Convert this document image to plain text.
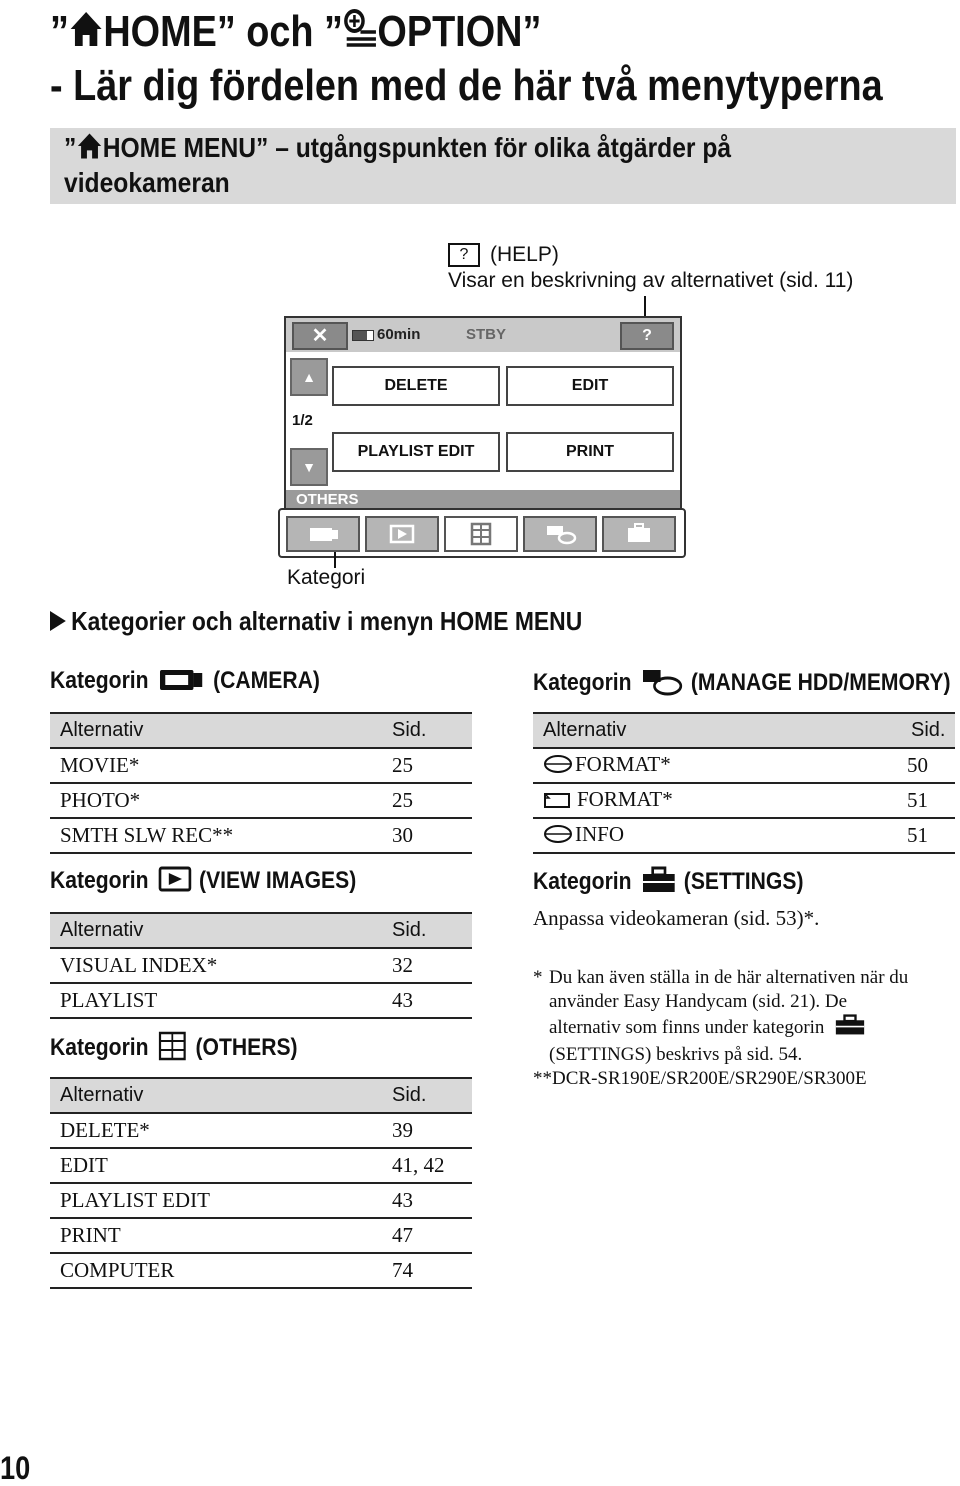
” HOME” och ” OPTION”
- Lär dig fördelen med de här två menytyperna
” HOME MENU” – utgångspunkten för olika åtgärder på
videokameran
? (HELP)
Visar en beskrivning av alternativet (sid. 11)
✕	60min	STBY	?
▲
1/2
▼
DELETE	EDIT
PLAYLIST EDIT	PRINT
OTHERS
Kategori
Kategorier och alternativ i menyn HOME MENU
Kategorin	(CAMERA)
Alternativ	Sid.
MOVIE*	25
PHOTO*	25
SMTH SLW REC**	30
Kategorin (VIEW IMAGES)
Alternativ	Sid.
VISUAL INDEX*	32
PLAYLIST	43
Kategorin (OTHERS)
Alternativ	Sid.
DELETE*	39
EDIT	41, 42
PLAYLIST EDIT	43
PRINT	47
COMPUTER	74
Kategorin (MANAGE HDD/MEMORY)
Alternativ	Sid.
FORMAT*	50
FORMAT*	51
INFO	51
Kategorin (SETTINGS)
Anpassa videokameran (sid. 53)*.
* Du kan även ställa in de här alternativen när du
använder Easy Handycam (sid. 21). De
alternativ som finns under kategorin
(SETTINGS) beskrivs på sid. 54.
**DCR-SR190E/SR200E/SR290E/SR300E
10
